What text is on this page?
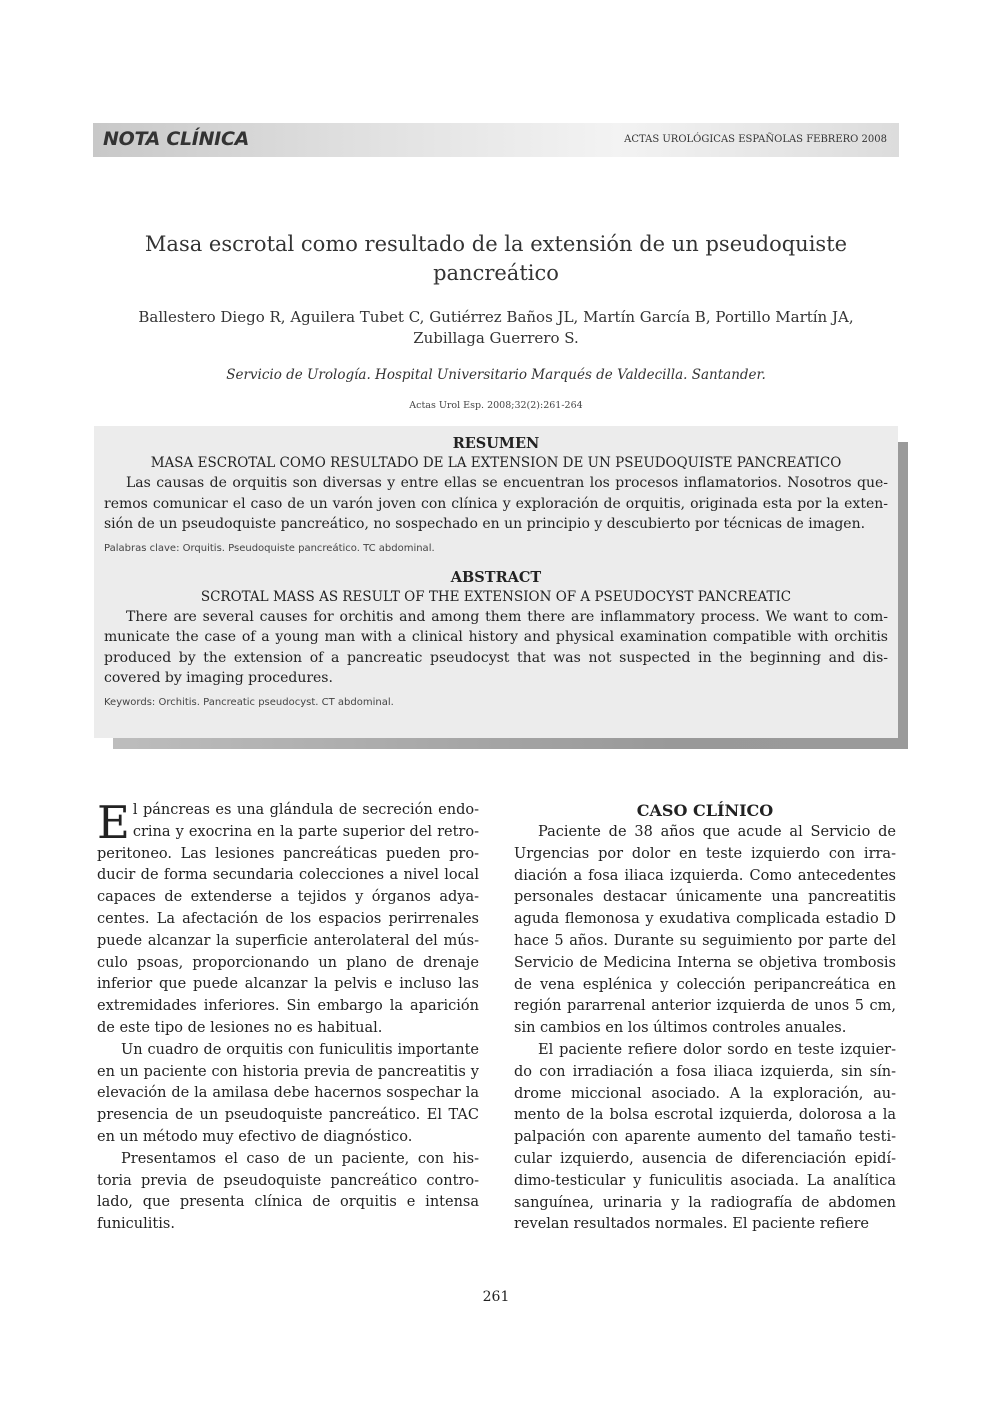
NOTA CLÍNICA	ACTAS UROLÓGICAS ESPAÑOLAS FEBRERO 2008
Masa escrotal como resultado de la extensión de un pseudoquiste
pancreático
Ballestero Diego R, Aguilera Tubet C, Gutiérrez Baños JL, Martín García B, Portillo Martín JA,
Zubillaga Guerrero S.
Servicio de Urología. Hospital Universitario Marqués de Valdecilla. Santander.
Actas Urol Esp. 2008;32(2):261-264
RESUMEN
MASA ESCROTAL COMO RESULTADO DE LA EXTENSION DE UN PSEUDOQUISTE PANCREATICO
Las causas de orquitis son diversas y entre ellas se encuentran los procesos inflamatorios. Nosotros queremos comunicar el caso de un varón joven con clínica y exploración de orquitis, originada esta por la extensión de un pseudoquiste pancreático, no sospechado en un principio y descubierto por técnicas de imagen.
Palabras clave: Orquitis. Pseudoquiste pancreático. TC abdominal.
ABSTRACT
SCROTAL MASS AS RESULT OF THE EXTENSION OF A PSEUDOCYST PANCREATIC
There are several causes for orchitis and among them there are inflammatory process. We want to communicate the case of a young man with a clinical history and physical examination compatible with orchitis produced by the extension of a pancreatic pseudocyst that was not suspected in the beginning and discovered by imaging procedures.
Keywords: Orchitis. Pancreatic pseudocyst. CT abdominal.

El páncreas es una glándula de secreción endocrina y exocrina en la parte superior del retroperitoneo. Las lesiones pancreáticas pueden producir de forma secundaria colecciones a nivel local capaces de extenderse a tejidos y órganos adyacentes. La afectación de los espacios perirrenales puede alcanzar la superficie anterolateral del músculo psoas, proporcionando un plano de drenaje inferior que puede alcanzar la pelvis e incluso las extremidades inferiores. Sin embargo la aparición de este tipo de lesiones no es habitual.

Un cuadro de orquitis con funiculitis importante en un paciente con historia previa de pancreatitis y elevación de la amilasa debe hacernos sospechar la presencia de un pseudoquiste pancreático. El TAC en un método muy efectivo de diagnóstico.

Presentamos el caso de un paciente, con historia previa de pseudoquiste pancreático controlado, que presenta clínica de orquitis e intensa funiculitis.

CASO CLÍNICO

Paciente de 38 años que acude al Servicio de Urgencias por dolor en teste izquierdo con irradiación a fosa iliaca izquierda. Como antecedentes personales destacar únicamente una pancreatitis aguda flemonosa y exudativa complicada estadio D hace 5 años. Durante su seguimiento por parte del Servicio de Medicina Interna se objetiva trombosis de vena esplénica y colección peripancreática en región pararrenal anterior izquierda de unos 5 cm, sin cambios en los últimos controles anuales.

El paciente refiere dolor sordo en teste izquierdo con irradiación a fosa iliaca izquierda, sin síndrome miccional asociado. A la exploración, aumento de la bolsa escrotal izquierda, dolorosa a la palpación con aparente aumento del tamaño testicular izquierdo, ausencia de diferenciación epidídimo-testicular y funiculitis asociada. La analítica sanguínea, urinaria y la radiografía de abdomen revelan resultados normales. El paciente refiere

261
